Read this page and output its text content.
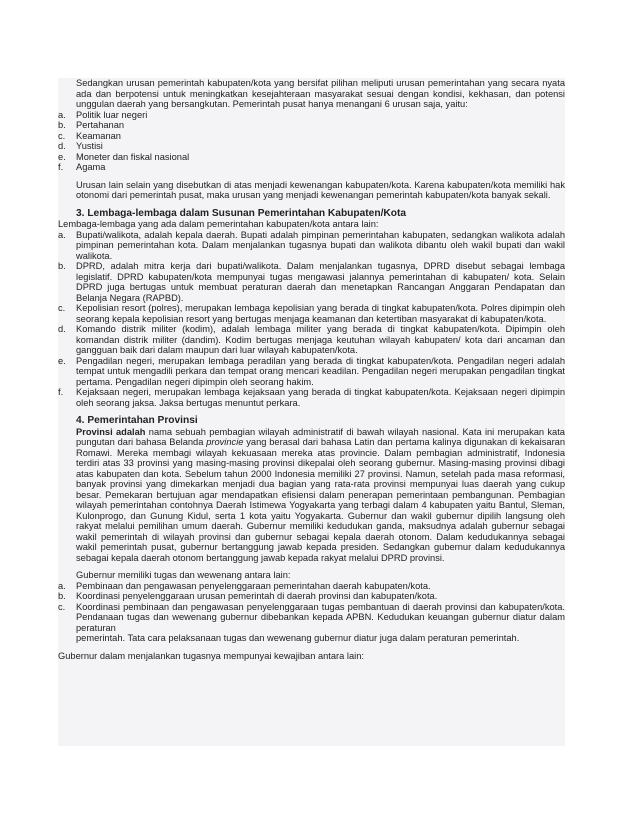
Sedangkan urusan pemerintah kabupaten/kota yang bersifat pilihan meliputi urusan pemerintahan yang secara nyata ada dan berpotensi untuk meningkatkan kesejahteraan masyarakat sesuai dengan kondisi, kekhasan, dan potensi unggulan daerah yang bersangkutan. Pemerintah pusat hanya menangani 6 urusan saja, yaitu:

a. Politik luar negeri
b. Pertahanan
c. Keamanan
d. Yustisi
e. Moneter dan fiskal nasional
f. Agama

Urusan lain selain yang disebutkan di atas menjadi kewenangan kabupaten/kota. Karena kabupaten/kota memiliki hak otonomi dari pemerintah pusat, maka urusan yang menjadi kewenangan pemerintah kabupaten/kota banyak sekali.

3. Lembaga-lembaga dalam Susunan Pemerintahan Kabupaten/Kota

Lembaga-lembaga yang ada dalam pemerintahan kabupaten/kota antara lain:

a. Bupati/walikota, adalah kepala daerah. Bupati adalah pimpinan pemerintahan kabupaten, sedangkan walikota adalah pimpinan pemerintahan kota. Dalam menjalankan tugasnya bupati dan walikota dibantu oleh wakil bupati dan wakil walikota.
b. DPRD, adalah mitra kerja dari bupati/walikota. Dalam menjalankan tugasnya, DPRD disebut sebagai lembaga legislatif. DPRD kabupaten/kota mempunyai tugas mengawasi jalannya pemerintahan di kabupaten/ kota. Selain DPRD juga bertugas untuk membuat peraturan daerah dan menetapkan Rancangan Anggaran Pendapatan dan Belanja Negara (RAPBD).
c. Kepolisian resort (polres), merupakan lembaga kepolisian yang berada di tingkat kabupaten/kota. Polres dipimpin oleh seorang kepala kepolisian resort yang bertugas menjaga keamanan dan ketertiban masyarakat di kabupaten/kota.
d. Komando distrik militer (kodim), adalah lembaga militer yang berada di tingkat kabupaten/kota. Dipimpin oleh komandan distrik militer (dandim). Kodim bertugas menjaga keutuhan wilayah kabupaten/ kota dari ancaman dan gangguan baik dari dalam maupun dari luar wilayah kabupaten/kota.
e. Pengadilan negeri, merupakan lembaga peradilan yang berada di tingkat kabupaten/kota. Pengadilan negeri adalah tempat untuk mengadili perkara dan tempat orang mencari keadilan. Pengadilan negeri merupakan pengadilan tingkat pertama. Pengadilan negeri dipimpin oleh seorang hakim.
f. Kejaksaan negeri, merupakan lembaga kejaksaan yang berada di tingkat kabupaten/kota. Kejaksaan negeri dipimpin oleh seorang jaksa. Jaksa bertugas menuntut perkara.

4. Pemerintahan Provinsi

Provinsi adalah nama sebuah pembagian wilayah administratif di bawah wilayah nasional. Kata ini merupakan kata pungutan dari bahasa Belanda provincie yang berasal dari bahasa Latin dan pertama kalinya digunakan di kekaisaran Romawi. Mereka membagi wilayah kekuasaan mereka atas provincie. Dalam pembagian administratif, Indonesia terdiri atas 33 provinsi yang masing-masing provinsi dikepalai oleh seorang gubernur. Masing-masing provinsi dibagi atas kabupaten dan kota. Sebelum tahun 2000 Indonesia memiliki 27 provinsi. Namun, setelah pada masa reformasi, banyak provinsi yang dimekarkan menjadi dua bagian yang rata-rata provinsi mempunyai luas daerah yang cukup besar. Pemekaran bertujuan agar mendapatkan efisiensi dalam penerapan pemerintaan pembangunan. Pembagian wilayah pemerintahan contohnya Daerah Istimewa Yogyakarta yang terbagi dalam 4 kabupaten yaitu Bantul, Sleman, Kulonprogo, dan Gunung Kidul, serta 1 kota yaitu Yogyakarta. Gubernur dan wakil gubernur dipilih langsung oleh rakyat melalui pemilihan umum daerah. Gubernur memiliki kedudukan ganda, maksudnya adalah gubernur sebagai wakil pemerintah di wilayah provinsi dan gubernur sebagai kepala daerah otonom. Dalam kedudukannya sebagai wakil pemerintah pusat, gubernur bertanggung jawab kepada presiden. Sedangkan gubernur dalam kedudukannya sebagai kepala daerah otonom bertanggung jawab kepada rakyat melalui DPRD provinsi.

Gubernur memiliki tugas dan wewenang antara lain:

a. Pembinaan dan pengawasan penyelenggaraan pemerintahan daerah kabupaten/kota.
b. Koordinasi penyelenggaraan urusan pemerintah di daerah provinsi dan kabupaten/kota.
c. Koordinasi pembinaan dan pengawasan penyelenggaraan tugas pembantuan di daerah provinsi dan kabupaten/kota. Pendanaan tugas dan wewenang gubernur dibebankan kepada APBN. Kedudukan keuangan gubernur diatur dalam peraturan

pemerintah. Tata cara pelaksanaan tugas dan wewenang gubernur diatur juga dalam peraturan pemerintah.

Gubernur dalam menjalankan tugasnya mempunyai kewajiban antara lain:
